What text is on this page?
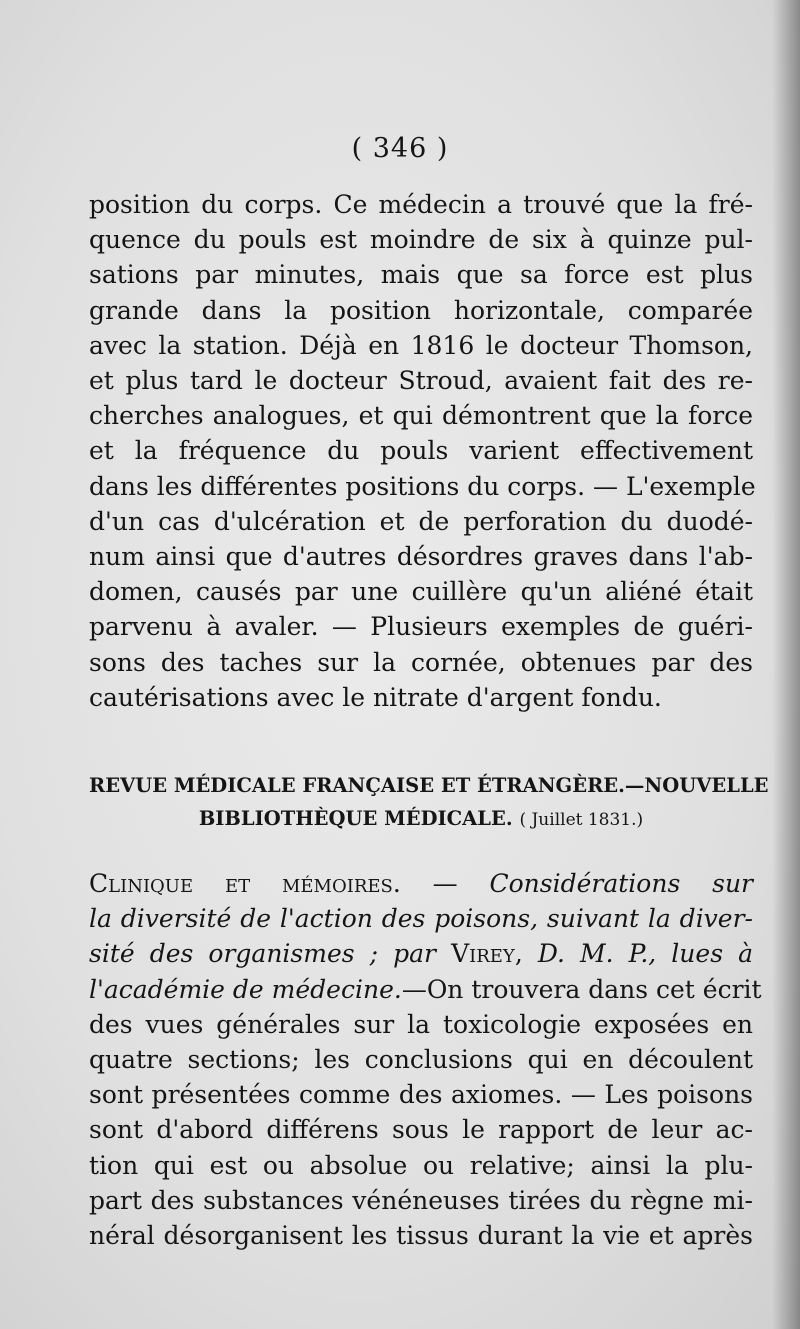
( 346 )
position du corps. Ce médecin a trouvé que la fré-
quence du pouls est moindre de six à quinze pul-
sations par minutes, mais que sa force est plus
grande dans la position horizontale, comparée
avec la station. Déjà en 1816 le docteur Thomson,
et plus tard le docteur Stroud, avaient fait des re-
cherches analogues, et qui démontrent que la force
et la fréquence du pouls varient effectivement
dans les différentes positions du corps. — L'exemple
d'un cas d'ulcération et de perforation du duodé-
num ainsi que d'autres désordres graves dans l'ab-
domen, causés par une cuillère qu'un aliéné était
parvenu à avaler. — Plusieurs exemples de guéri-
sons des taches sur la cornée, obtenues par des
cautérisations avec le nitrate d'argent fondu.
REVUE MÉDICALE FRANÇAISE ET ÉTRANGÈRE.—NOUVELLE
BIBLIOTHÈQUE MÉDICALE. ( Juillet 1831.)
Clinique et mémoires. — Considérations sur
la diversité de l'action des poisons, suivant la diver-
sité des organismes ; par Virey, D. M. P., lues à
l'académie de médecine.—On trouvera dans cet écrit
des vues générales sur la toxicologie exposées en
quatre sections; les conclusions qui en découlent
sont présentées comme des axiomes. — Les poisons
sont d'abord différens sous le rapport de leur ac-
tion qui est ou absolue ou relative; ainsi la plu-
part des substances vénéneuses tirées du règne mi-
néral désorganisent les tissus durant la vie et après
